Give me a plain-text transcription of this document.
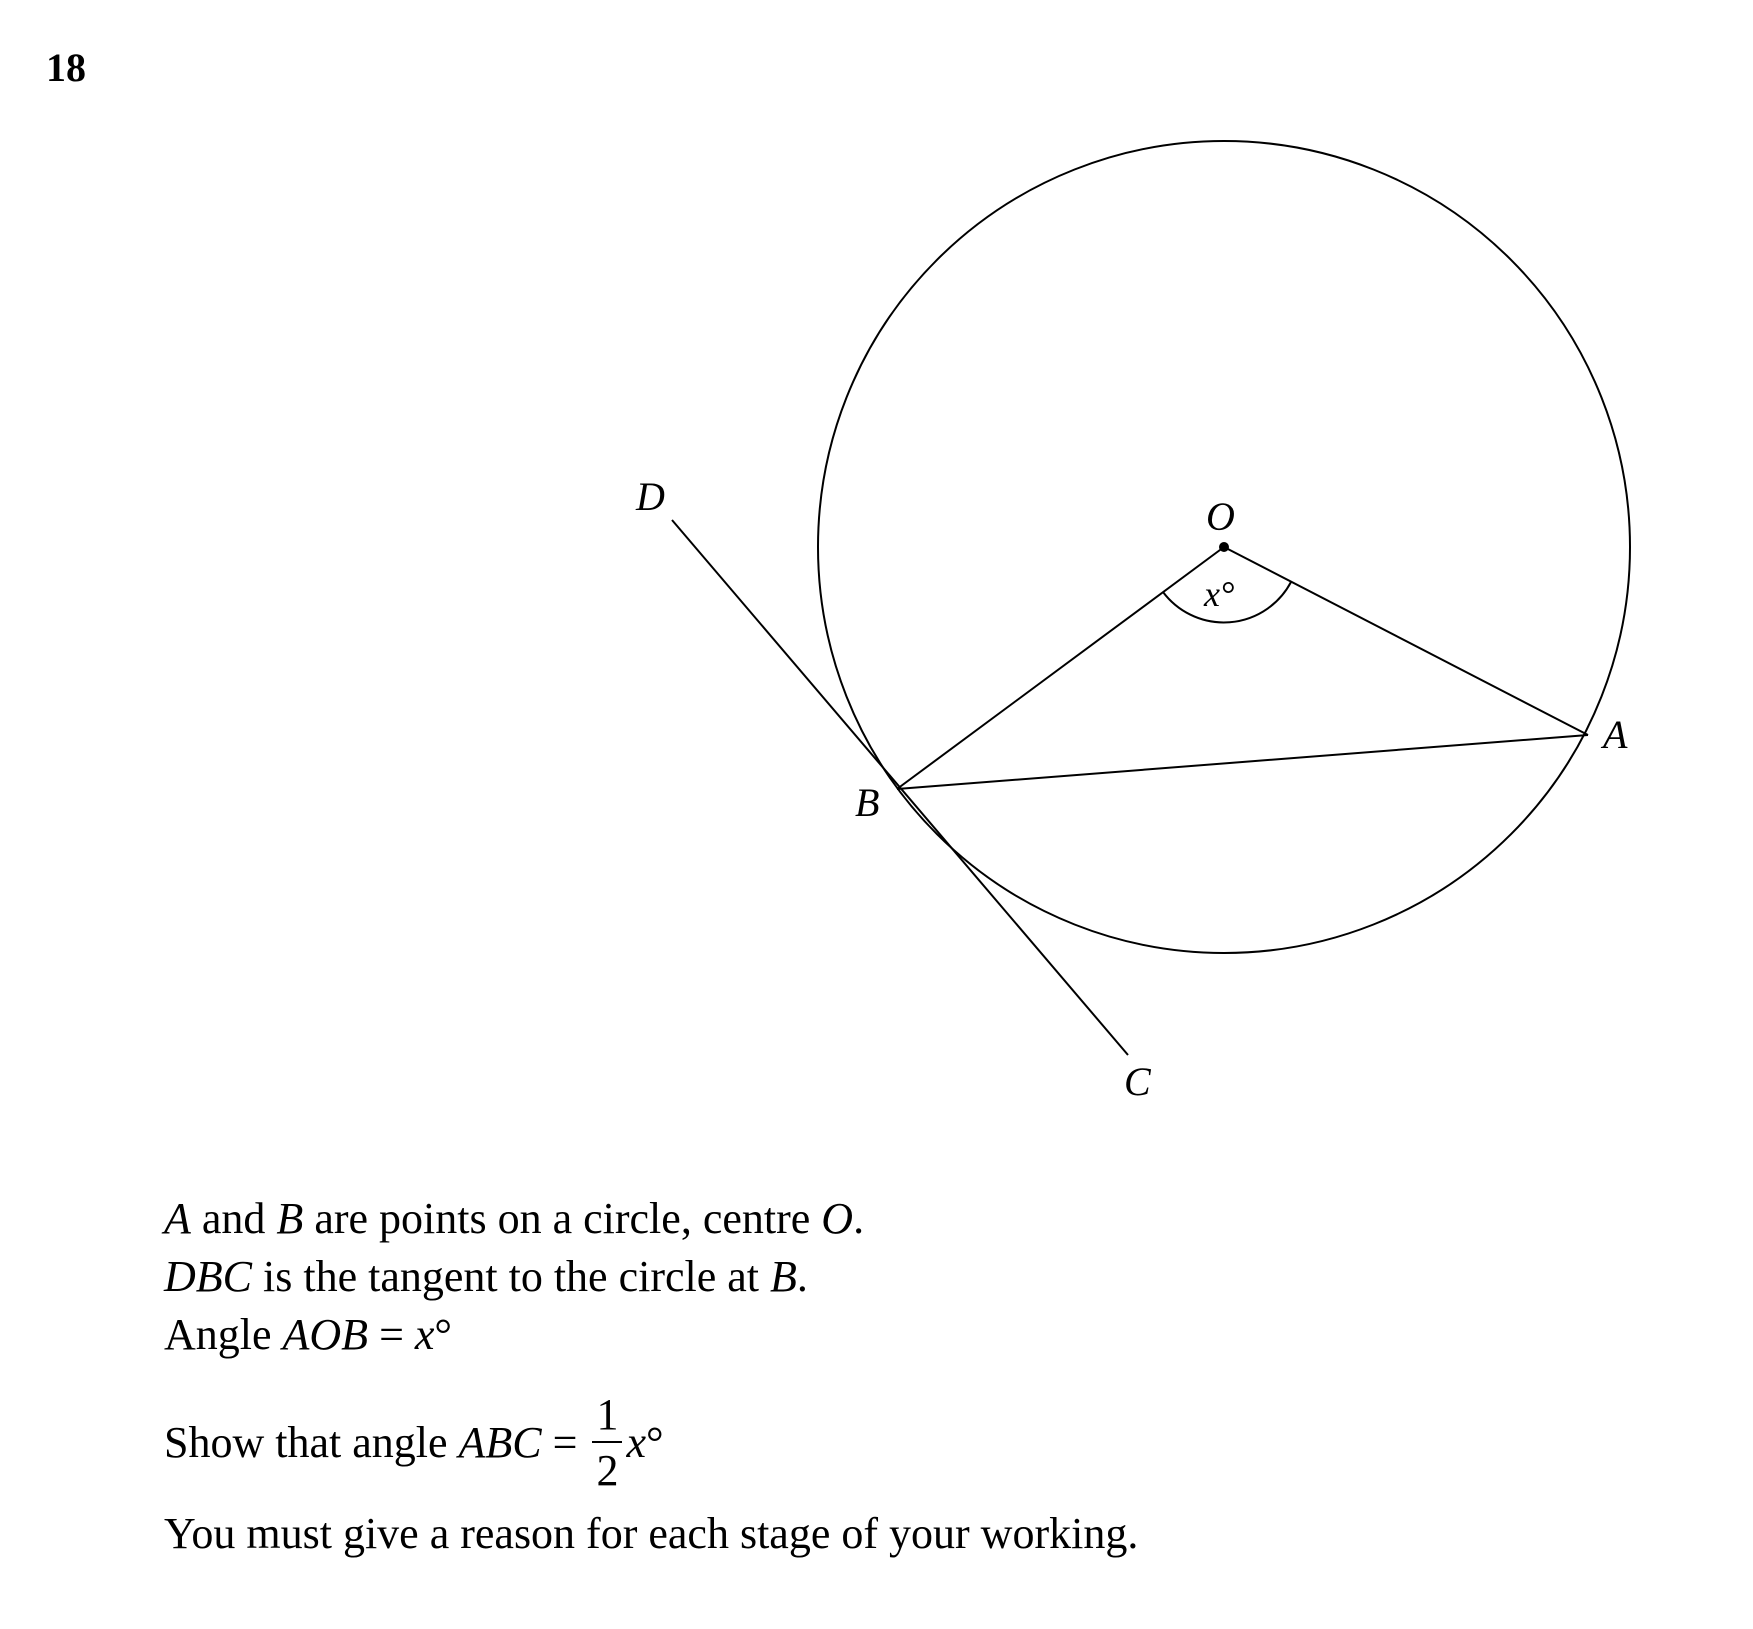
18
O
x°
D
B
A
C
A and B are points on a circle, centre O.
DBC is the tangent to the circle at B.
Angle AOB = x°
Show that angle ABC = $\frac{1}{2} x^\circ$
You must give a reason for each stage of your working.
